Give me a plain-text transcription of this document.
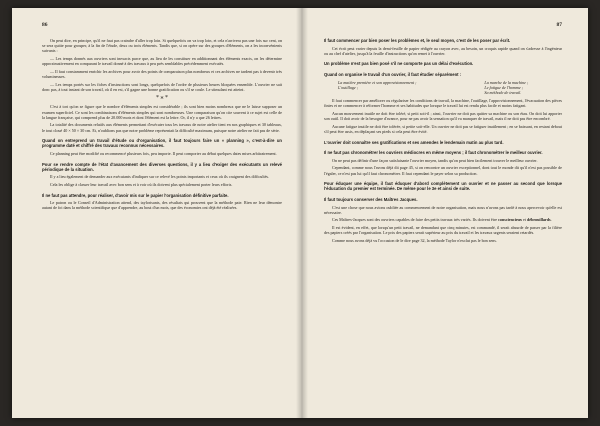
86

On peut dire, en principe, qu'il ne faut pas craindre d'aller trop loin. Si quelquefois on va trop loin, et cela n'arrivera pas une fois sur cent, on se sera quitte pour grouper, à la fin de l'étude, deux ou trois éléments. Tandis que, si on opère sur des groupes d'éléments, on a les inconvénients suivants :

— Les temps donnés aux ouvriers sont inexacts parce que, au lieu de les constituer en additionnant des éléments exacts, on les détermine approximativement en comparant le travail donné à des travaux à peu près semblables précédemment exécutés.

— Il faut constamment enrichir les archives pour avoir des points de comparaison plus nombreux et ces archives ne tardent pas à devenir très volumineuses.

— Les temps portés sur les fiches d'instructions sont longs, quelquefois de l'ordre de plusieurs heures bloquées ensemble. L'ouvrier ne sait donc pas, à tout instant de son travail, où il en est, s'il gagne une bonne gratification ou s'il se coule. Le stimulant est atteint.

* ⁎ *

C'est à tort qu'on se figure que le nombre d'éléments simples est considérable ; ils sont bien moins nombreux que ne le laisse supposer un examen superficiel. Ce sont les combinaisons d'éléments simples qui sont nombreuses. Une comparaison qu'on cite souvent à ce sujet est celle de la langue française, qui comprend plus de 20.000 mots et dont l'élément est la lettre. Or, il n'y a que 26 lettres.

La totalité des documents relatifs aux éléments permettant d'exécuter tous les travaux de notre atelier tient en nos graphiques et 30 tableaux, le tout cloué 40 × 50 × 30 cm. Et, n'oublions pas que notre problème représentait la difficulté maximum, puisque notre atelier ne fait pas de série.

Quand on entreprend un travail d'étude ou d'organisation, il faut toujours faire un « planning », c'est-à-dire un programme daté et chiffré des travaux reconnus nécessaires.

Ce planning peut être modifié ou recommencé plusieurs fois, peu importe. Il peut comporter au début quelques dates mises arbitrairement.

Pour se rendre compte de l'état d'avancement des diverses questions, il y a lieu d'exiger des exécutants un relevé périodique de la situation.

Il y a lieu également de demander aux exécutants d'indiquer sur ce relevé les points importants et ceux où ils craignent des difficultés.

Cela les oblige à classer leur travail avec bon sens et à voir où ils doivent plus spécialement porter leurs efforts.

Il ne faut pas attendre, pour réaliser, d'avoir mis sur le papier l'organisation définitive parfaite.

Le patron ou le Conseil d'Administration attend, des taylorisants, des résultats qui prouvent que la méthode paie. Rien ne leur démontre autant de foi dans la méthode scientifique que d'apprendre, au bout d'un mois, que des économies ont déjà été réalisées.

87
Il faut commencer par bien poser les problèmes et, le seul moyen, c'est de les poser par écrit.

Cet écrit peut varier depuis la demi-feuille de papier rédigée au crayon avec, au besoin, un croquis rapide quand on s'adresse à l'ingénieur ou au chef d'atelier, jusqu'à la feuille d'instructions qu'on remet à l'ouvrier.

Un problème n'est pas bien posé s'il ne comporte pas un délai d'exécution.
Quand on organise le travail d'un ouvrier, il faut étudier séparément :
La matière première et son approvisionnement ;	La marche de la machine ;
L'outillage ;	Le fatigue de l'homme ;
	Sa méthode de travail.

Il faut commencer par améliorer ou régulariser les conditions de travail, la machine, l'outillage, l'approvisionnement, l'évacuation des pièces finies et ne commencer à réformer l'homme et ses habitudes que lorsque le travail lui est rendu plus facile et moins fatigant.

Aucun mouvement inutile ne doit être toléré, si petit soit-il ; ainsi, l'ouvrier ne doit pas quitter sa machine ou son étau. On doit lui apporter son outil. Il doit avoir de la besogne d'avance, pour ne pas avoir la sensation qu'il va manquer de travail, mais il ne doit pas être encombré.

Aucune fatigue inutile ne doit être tolérée, si petite soit-elle. Un ouvrier ne doit pas se fatiguer inutilement ; en se baissant, en restant debout s'il peut être assis, en déplaçant ses pieds si cela peut être évité.

L'ouvrier doit connaître ses gratifications et ses amendes le lendemain matin au plus tard.
Il ne faut pas chronométrer les ouvriers médiocres en même moyens ; il faut chronométrer le meilleur ouvrier.

On ne peut pas définir d'une façon satisfaisante l'ouvrier moyen, tandis qu'on peut bien facilement trouver le meilleur ouvrier.

Cependant, comme nous l'avons déjà dit page 45, si on rencontre un ouvrier exceptionnel, dont tout le monde dit qu'il n'est pas possible de l'égaler, ce n'est pas lui qu'il faut chronométrer. Il faut cependant le payer selon sa production.

Pour éduquer une équipe, il faut éduquer d'abord complètement un ouvrier et ne passer au second que lorsque l'éducation du premier est terminée. De même pour le 3e et ainsi de suite.
Il faut toujours conserver des Maîtres Jacques.

C'est une chose que nous avions oubliée au commencement de notre organisation, mais nous n'avons pas tardé à nous apercevoir qu'elle est nécessaire.

Ces Maîtres-Jacques sont des ouvriers capables de faire des petits travaux très variés. Ils doivent être consciencieux et débrouillards.

Il est évident, en effet, que lorsqu'un petit travail, ne demandant que cinq minutes, est commandé, il serait absurde de passer par la filière des papiers créés par l'organisation. Le prix des papiers serait supérieur au prix du travail et les travaux urgents seraient retardés.

Comme nous avons déjà vu l'occasion de le dire page 32, la méthode Taylor n'exclut pas le bon sens.
